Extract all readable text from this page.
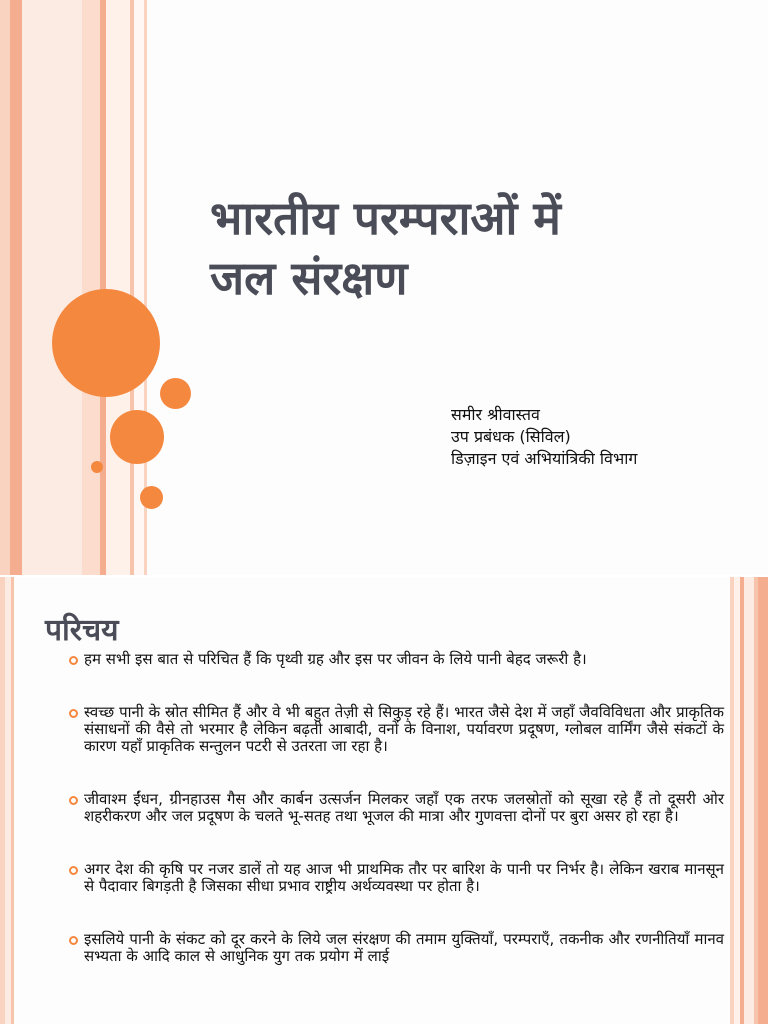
भारतीय परम्पराओं में
जल संरक्षण
समीर श्रीवास्तव
उप प्रबंधक (सिविल)
डिज़ाइन एवं अभियांत्रिकी विभाग
परिचय
हम सभी इस बात से परिचित हैं कि पृथ्वी ग्रह और इस पर जीवन के लिये पानी बेहद जरूरी है।
स्वच्छ पानी के स्रोत सीमित हैं और वे भी बहुत तेज़ी से सिकुड़ रहे हैं। भारत जैसे देश में जहाँ जैवविविधता और प्राकृतिक संसाधनों की वैसे तो भरमार है लेकिन बढ़ती आबादी, वनों के विनाश, पर्यावरण प्रदूषण, ग्लोबल वार्मिंग जैसे संकटों के कारण यहाँ प्राकृतिक सन्तुलन पटरी से उतरता जा रहा है।
जीवाश्म ईंधन, ग्रीनहाउस गैस और कार्बन उत्सर्जन मिलकर जहाँ एक तरफ जलस्रोतों को सूखा रहे हैं तो दूसरी ओर शहरीकरण और जल प्रदूषण के चलते भू-सतह तथा भूजल की मात्रा और गुणवत्ता दोनों पर बुरा असर हो रहा है।
अगर देश की कृषि पर नजर डालें तो यह आज भी प्राथमिक तौर पर बारिश के पानी पर निर्भर है। लेकिन खराब मानसून से पैदावार बिगड़ती है जिसका सीधा प्रभाव राष्ट्रीय अर्थव्यवस्था पर होता है।
इसलिये पानी के संकट को दूर करने के लिये जल संरक्षण की तमाम युक्तियाँ, परम्पराएँ, तकनीक और रणनीतियाँ मानव सभ्यता के आदि काल से आधुनिक युग तक प्रयोग में लाई
